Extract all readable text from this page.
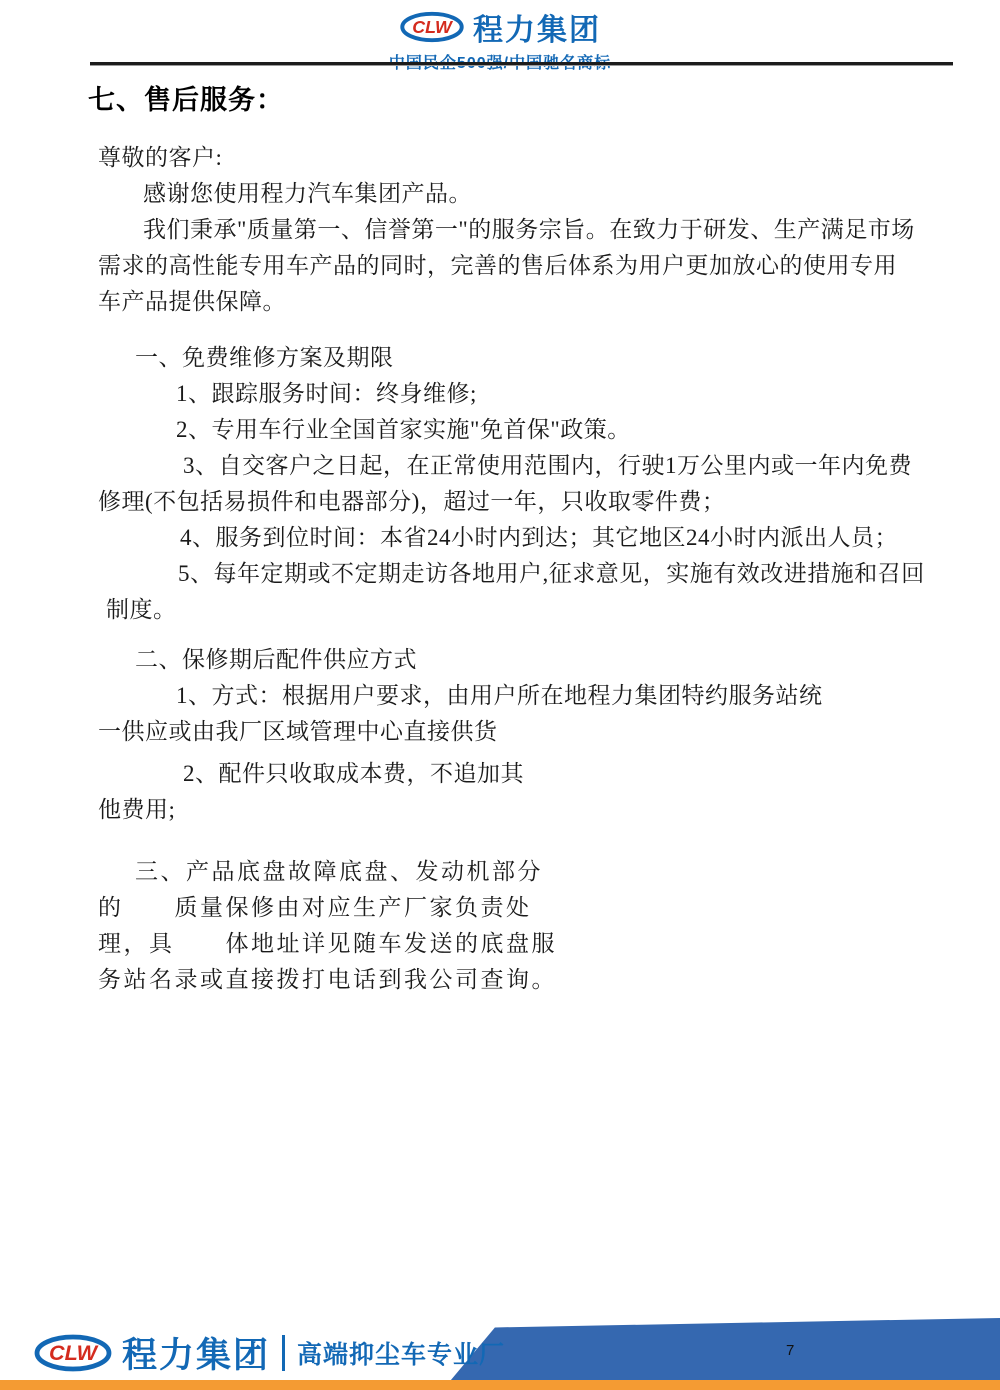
CLW 程力集团
七、售后服务：
尊敬的客户:
感谢您使用程力汽车集团产品。
我们秉承"质量第一、信誉第一"的服务宗旨。在致力于研发、生产满足市场
需求的高性能专用车产品的同时，完善的售后体系为用户更加放心的使用专用
车产品提供保障。
一、免费维修方案及期限
1、跟踪服务时间：终身维修;
2、专用车行业全国首家实施"免首保"政策。
3、自交客户之日起，在正常使用范围内，行驶1万公里内或一年内免费
修理(不包括易损件和电器部分)，超过一年，只收取零件费；
4、服务到位时间：本省24小时内到达；其它地区24小时内派出人员；
5、每年定期或不定期走访各地用户,征求意见，实施有效改进措施和召回
制度。
二、保修期后配件供应方式
1、方式：根据用户要求，由用户所在地程力集团特约服务站统
一供应或由我厂区域管理中心直接供货
2、配件只收取成本费，不追加其
他费用;
三、产品底盘故障底盘、发动机部分
的　　质量保修由对应生产厂家负责处
理，具　　体地址详见随车发送的底盘服
务站名录或直接拨打电话到我公司查询。
7
CLW 程力集团 高端抑尘车专业厂
